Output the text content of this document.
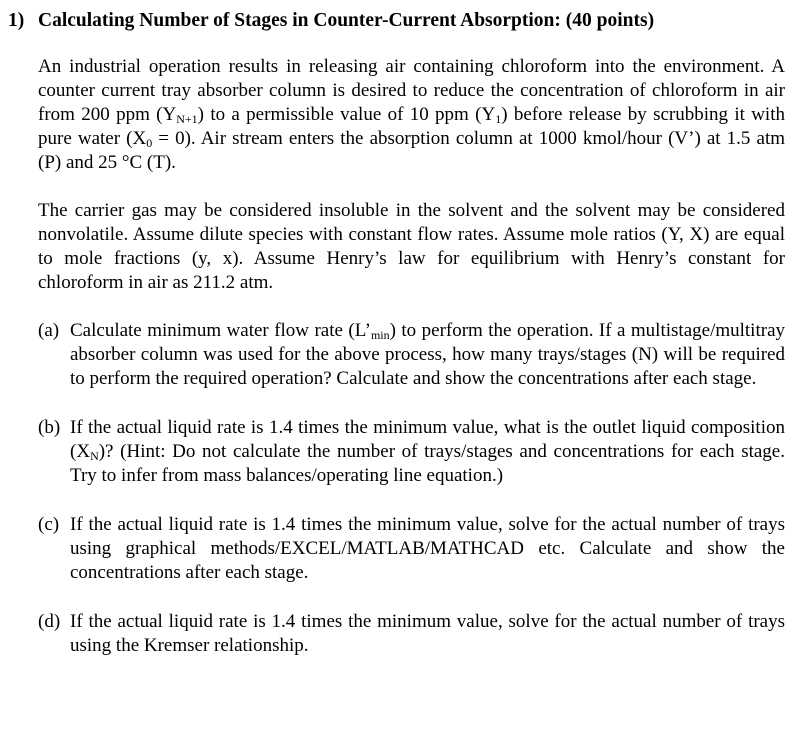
1) Calculating Number of Stages in Counter-Current Absorption: (40 points)

An industrial operation results in releasing air containing chloroform into the environment. A counter current tray absorber column is desired to reduce the concentration of chloroform in air from 200 ppm $(Y_{N+1})$ to a permissible value of 10 ppm $(Y_1)$ before release by scrubbing it with pure water $(X_0 = 0)$. Air stream enters the absorption column at 1000 kmol/hour (V’) at 1.5 atm (P) and 25 °C (T).

The carrier gas may be considered insoluble in the solvent and the solvent may be considered nonvolatile. Assume dilute species with constant flow rates. Assume mole ratios (Y, X) are equal to mole fractions (y, x). Assume Henry’s law for equilibrium with Henry’s constant for chloroform in air as 211.2 atm.

(a) Calculate minimum water flow rate $(L’_{min})$ to perform the operation. If a multistage/multitray absorber column was used for the above process, how many trays/stages (N) will be required to perform the required operation? Calculate and show the concentrations after each stage.
(b) If the actual liquid rate is 1.4 times the minimum value, what is the outlet liquid composition $(X_N)$? (Hint: Do not calculate the number of trays/stages and concentrations for each stage. Try to infer from mass balances/operating line equation.)
(c) If the actual liquid rate is 1.4 times the minimum value, solve for the actual number of trays using graphical methods/EXCEL/MATLAB/MATHCAD etc. Calculate and show the concentrations after each stage.
(d) If the actual liquid rate is 1.4 times the minimum value, solve for the actual number of trays using the Kremser relationship.
